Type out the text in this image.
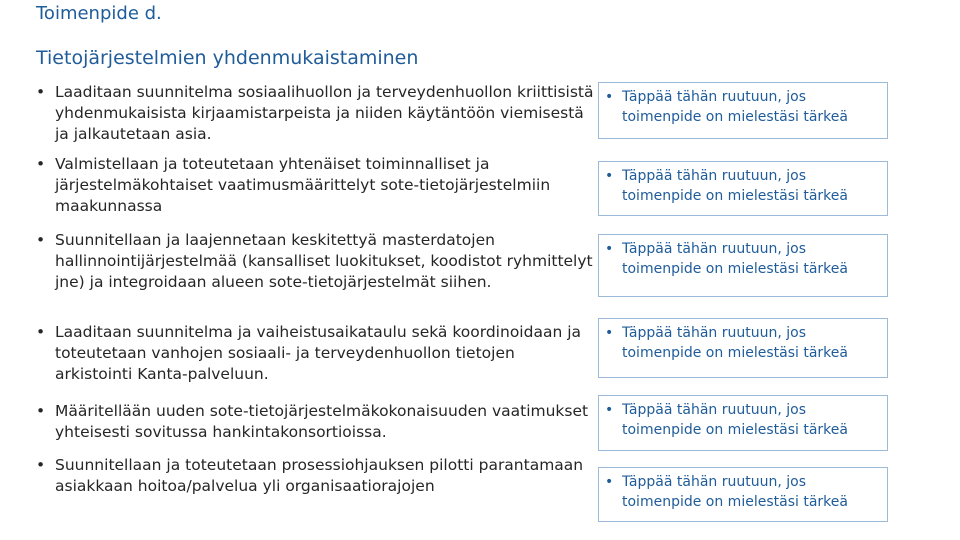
Toimenpide d.
Tietojärjestelmien yhdenmukaistaminen
• Laaditaan suunnitelma sosiaalihuollon ja terveydenhuollon kriittisistä yhdenmukaisista kirjaamistarpeista ja niiden käytäntöön viemisestä ja jalkautetaan asia.
• Täppää tähän ruutuun, jos toimenpide on mielestäsi tärkeä
• Valmistellaan ja toteutetaan yhtenäiset toiminnalliset ja järjestelmäkohtaiset vaatimusmäärittelyt sote-tietojärjestelmiin maakunnassa
• Täppää tähän ruutuun, jos toimenpide on mielestäsi tärkeä
• Suunnitellaan ja laajennetaan keskitettyä masterdatojen hallinnointijärjestelmää (kansalliset luokitukset, koodistot ryhmittelyt jne) ja integroidaan alueen sote-tietojärjestelmät siihen.
• Täppää tähän ruutuun, jos toimenpide on mielestäsi tärkeä
• Laaditaan suunnitelma ja vaiheistusaikataulu sekä koordinoidaan ja toteutetaan vanhojen sosiaali- ja terveydenhuollon tietojen arkistointi Kanta-palveluun.
• Täppää tähän ruutuun, jos toimenpide on mielestäsi tärkeä
• Määritellään uuden sote-tietojärjestelmäkokonaisuuden vaatimukset yhteisesti sovitussa hankintakonsortioissa.
• Täppää tähän ruutuun, jos toimenpide on mielestäsi tärkeä
• Suunnitellaan ja toteutetaan prosessiohjauksen pilotti parantamaan asiakkaan hoitoa/palvelua yli organisaatiorajojen	• Täppää tähän ruutuun, jos toimenpide on mielestäsi tärkeä
